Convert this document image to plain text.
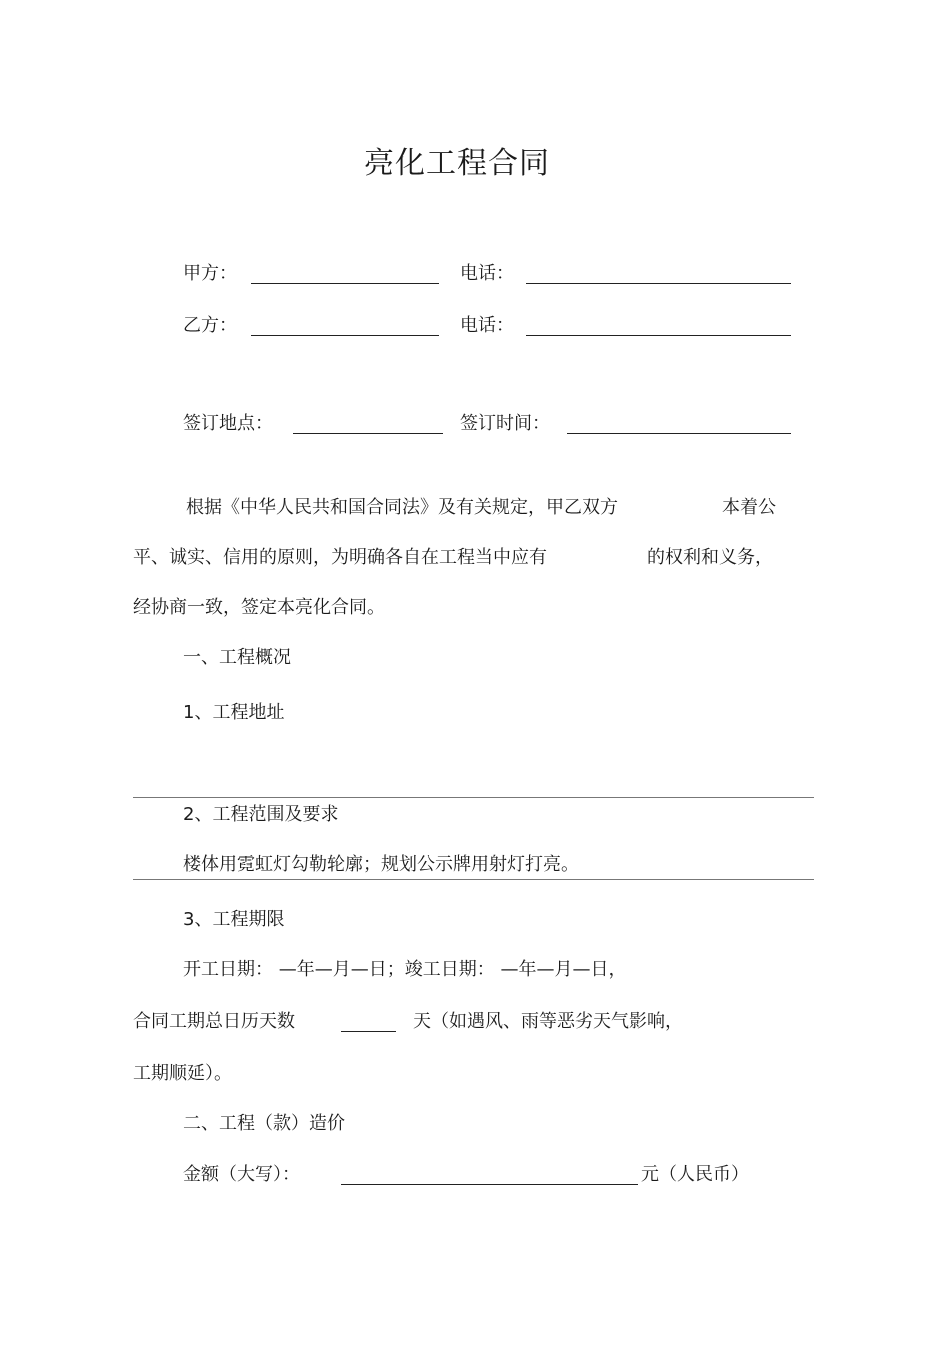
亮化工程合同
甲方：	电话：
乙方：	电话：
签订地点：	签订时间：
根据《中华人民共和国合同法》及有关规定，甲乙双方	本着公
平、诚实、信用的原则，为明确各自在工程当中应有	的权利和义务，
经协商一致，签定本亮化合同。
一、工程概况
1、工程地址
2、工程范围及要求
楼体用霓虹灯勾勒轮廓；规划公示牌用射灯打亮。
3、工程期限
开工日期： —年—月—日；竣工日期： —年—月—日，
合同工期总日历天数	天（如遇风、雨等恶劣天气影响，
工期顺延）。
二、工程（款）造价
金额（大写）：	元（人民币）
